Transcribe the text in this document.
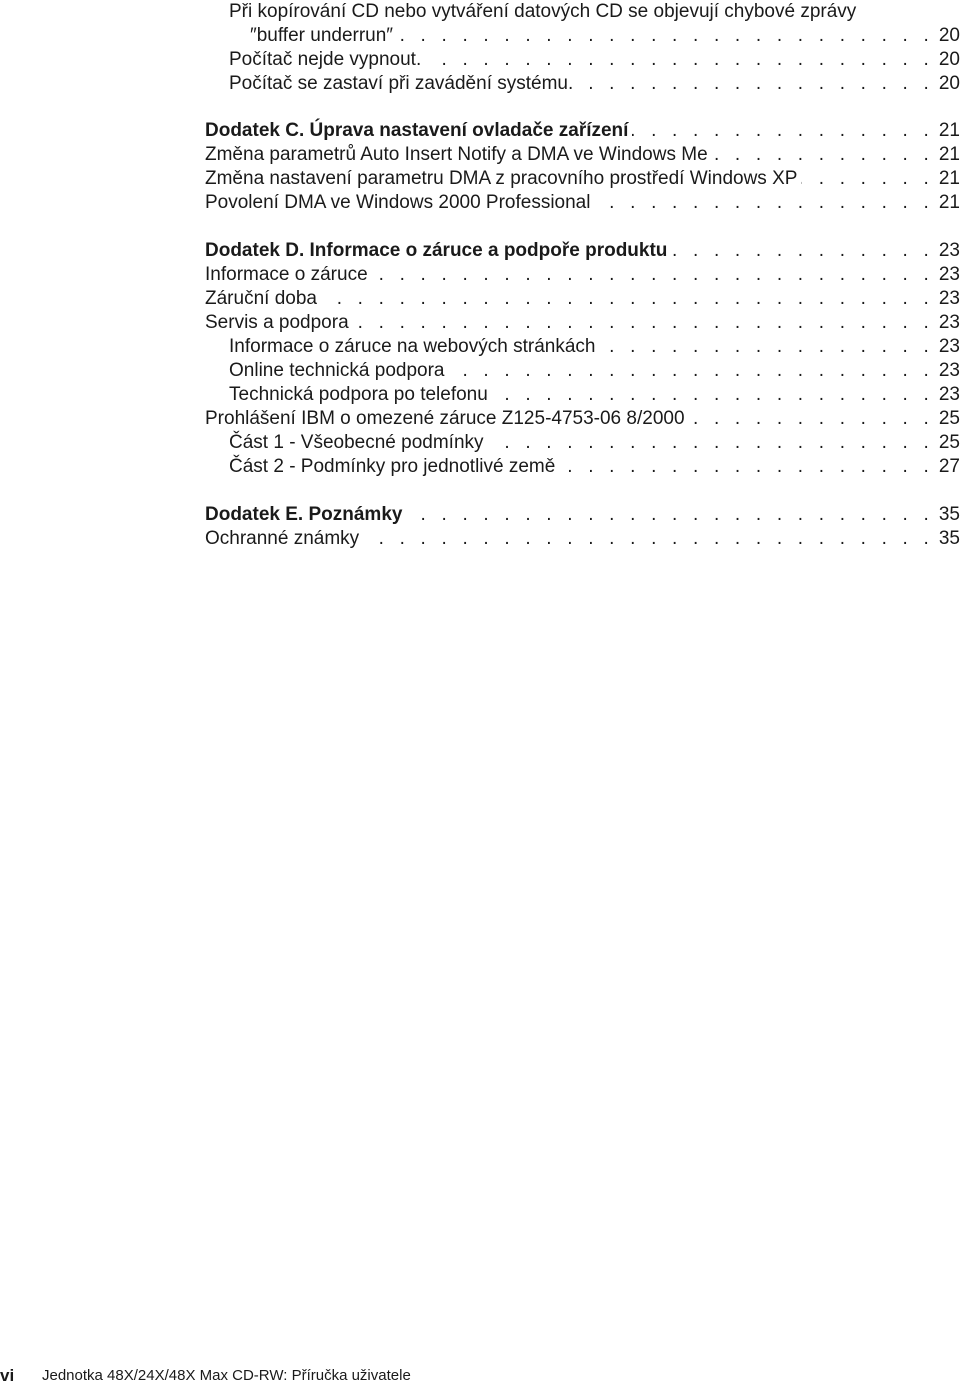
Při kopírování CD nebo vytváření datových CD se objevují chybové zprávy
″buffer underrun″ . . .	20
Počítač nejde vypnout. . . .	20
Počítač se zastaví při zavádění systému. . . .	20
Dodatek C. Úprava nastavení ovladače zařízení . . .	21
Změna parametrů Auto Insert Notify a DMA ve Windows Me . . .	21
Změna nastavení parametru DMA z pracovního prostředí Windows XP . . .	21
Povolení DMA ve Windows 2000 Professional . . .	21
Dodatek D. Informace o záruce a podpoře produktu . . .	23
Informace o záruce . . .	23
Záruční doba . . .	23
Servis a podpora . . .	23
Informace o záruce na webových stránkách . . .	23
Online technická podpora . . .	23
Technická podpora po telefonu . . .	23
Prohlášení IBM o omezené záruce Z125-4753-06 8/2000 . . .	25
Část 1 - Všeobecné podmínky . . .	25
Část 2 - Podmínky pro jednotlivé země . . .	27
Dodatek E. Poznámky . . .	35
Ochranné známky . . .	35
vi Jednotka 48X/24X/48X Max CD-RW: Příručka uživatele
